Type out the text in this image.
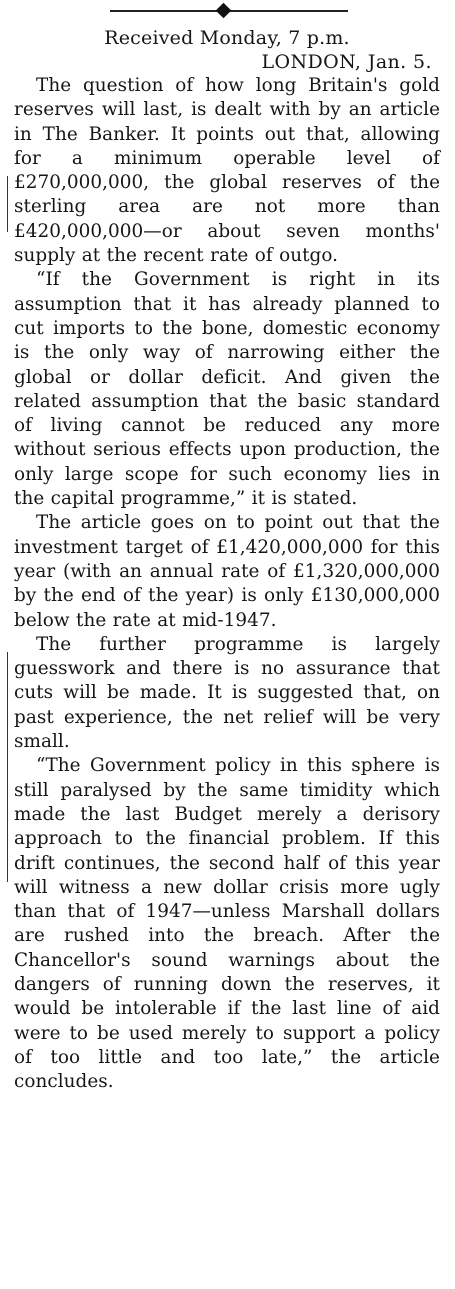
Received Monday, 7 p.m.
LONDON, Jan. 5.

The question of how long Britain's gold reserves will last, is dealt with by an article in The Banker. It points out that, allowing for a minimum operable level of £270,000,000, the global reserves of the sterling area are not more than £420,000,000—or about seven months' supply at the recent rate of outgo.

“If the Government is right in its assumption that it has already planned to cut imports to the bone, domestic economy is the only way of narrowing either the global or dollar deficit. And given the related assumption that the basic standard of living cannot be reduced any more without serious effects upon production, the only large scope for such economy lies in the capital programme,” it is stated.

The article goes on to point out that the investment target of £1,420,000,000 for this year (with an annual rate of £1,320,000,000 by the end of the year) is only £130,000,000 below the rate at mid-1947.

The further programme is largely guesswork and there is no assurance that cuts will be made. It is suggested that, on past experience, the net relief will be very small.

“The Government policy in this sphere is still paralysed by the same timidity which made the last Budget merely a derisory approach to the financial problem. If this drift continues, the second half of this year will witness a new dollar crisis more ugly than that of 1947—unless Marshall dollars are rushed into the breach. After the Chancellor's sound warnings about the dangers of running down the reserves, it would be intolerable if the last line of aid were to be used merely to support a policy of too little and too late,” the article concludes.
